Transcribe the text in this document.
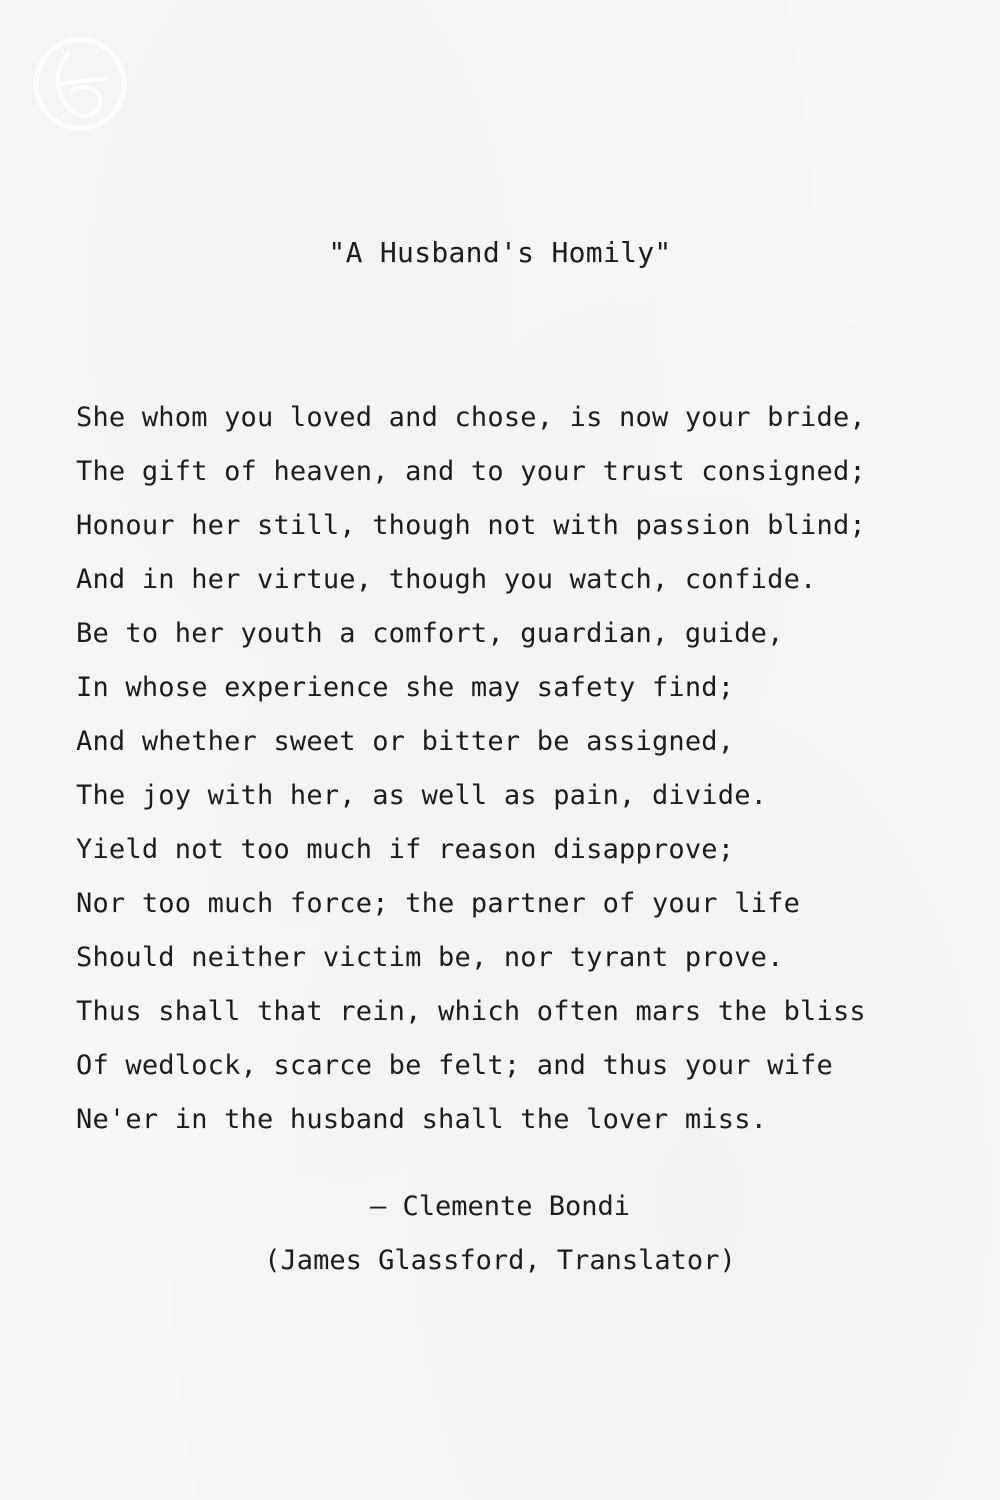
"A Husband's Homily"
She whom you loved and chose, is now your bride,
The gift of heaven, and to your trust consigned;
Honour her still, though not with passion blind;
And in her virtue, though you watch, confide.
Be to her youth a comfort, guardian, guide,
In whose experience she may safety find;
And whether sweet or bitter be assigned,
The joy with her, as well as pain, divide.
Yield not too much if reason disapprove;
Nor too much force; the partner of your life
Should neither victim be, nor tyrant prove.
Thus shall that rein, which often mars the bliss
Of wedlock, scarce be felt; and thus your wife
Ne'er in the husband shall the lover miss.
– Clemente Bondi
(James Glassford, Translator)
